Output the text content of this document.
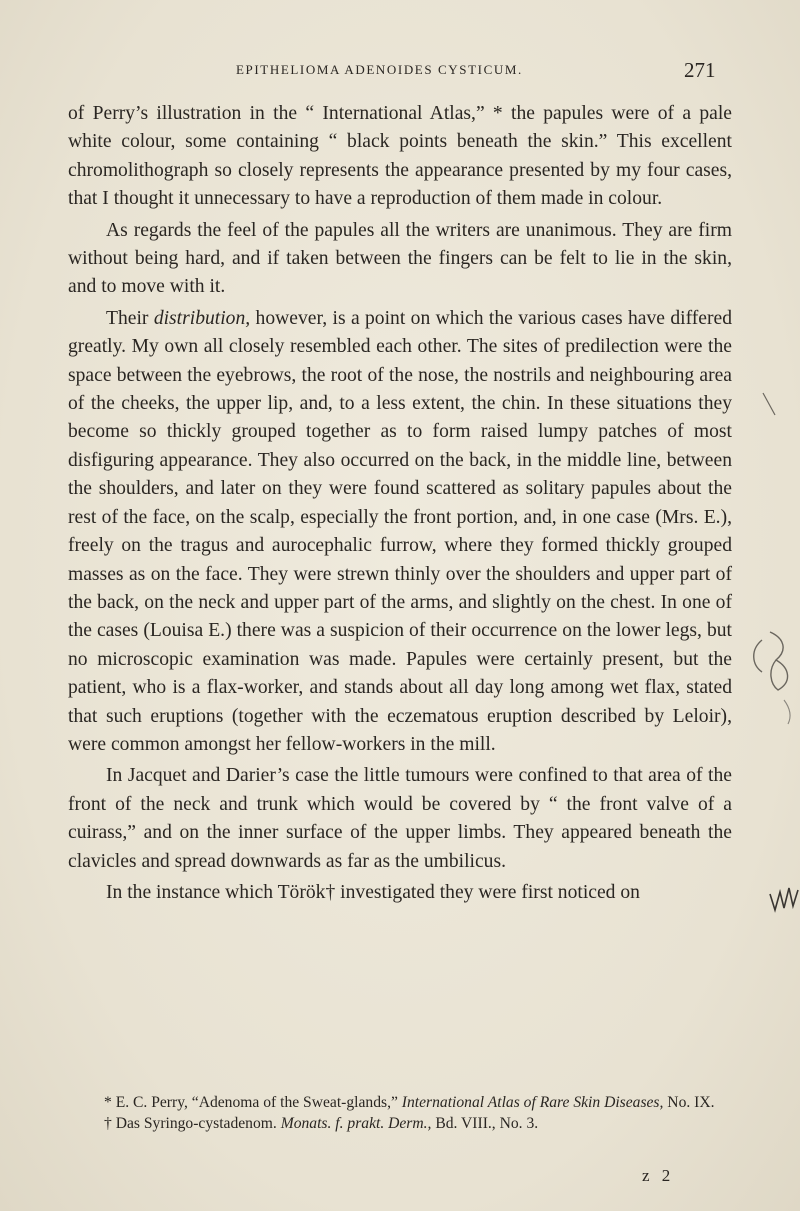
EPITHELIOMA ADENOIDES CYSTICUM.	271

of Perry’s illustration in the “ International Atlas,” * the papules were of a pale white colour, some containing “ black points beneath the skin.” This excellent chromolithograph so closely represents the appearance presented by my four cases, that I thought it unnecessary to have a reproduction of them made in colour.

As regards the feel of the papules all the writers are unanimous. They are firm without being hard, and if taken between the fingers can be felt to lie in the skin, and to move with it.

Their distribution, however, is a point on which the various cases have differed greatly. My own all closely resembled each other. The sites of predilection were the space between the eyebrows, the root of the nose, the nostrils and neighbouring area of the cheeks, the upper lip, and, to a less extent, the chin. In these situations they become so thickly grouped together as to form raised lumpy patches of most disfiguring appearance. They also occurred on the back, in the middle line, between the shoulders, and later on they were found scattered as solitary papules about the rest of the face, on the scalp, especially the front portion, and, in one case (Mrs. E.), freely on the tragus and aurocephalic furrow, where they formed thickly grouped masses as on the face. They were strewn thinly over the shoulders and upper part of the back, on the neck and upper part of the arms, and slightly on the chest. In one of the cases (Louisa E.) there was a suspicion of their occurrence on the lower legs, but no microscopic examination was made. Papules were certainly present, but the patient, who is a flax-worker, and stands about all day long among wet flax, stated that such eruptions (together with the eczematous eruption described by Leloir), were common amongst her fellow-workers in the mill.

In Jacquet and Darier’s case the little tumours were confined to that area of the front of the neck and trunk which would be covered by “ the front valve of a cuirass,” and on the inner surface of the upper limbs. They appeared beneath the clavicles and spread downwards as far as the umbilicus.

In the instance which Török† investigated they were first noticed on

* E. C. Perry, “Adenoma of the Sweat-glands,” International Atlas of Rare Skin Diseases, No. IX.

† Das Syringo-cystadenom. Monats. f. prakt. Derm., Bd. VIII., No. 3.

z 2
